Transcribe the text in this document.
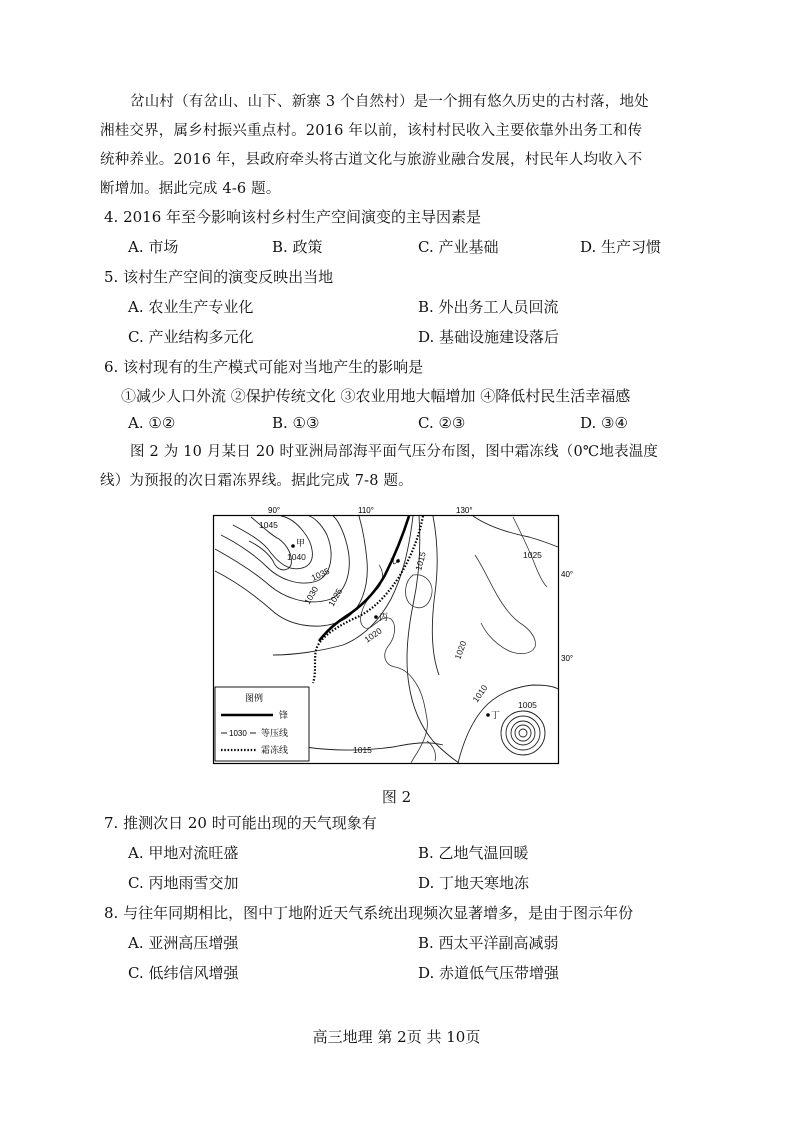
岔山村（有岔山、山下、新寨 3 个自然村）是一个拥有悠久历史的古村落，地处
湘桂交界，属乡村振兴重点村。2016 年以前，该村村民收入主要依靠外出务工和传
统种养业。2016 年，县政府牵头将古道文化与旅游业融合发展，村民年人均收入不
断增加。据此完成 4-6 题。
4. 2016 年至今影响该村乡村生产空间演变的主导因素是
A. 市场	B. 政策	C. 产业基础	D. 生产习惯
5. 该村生产空间的演变反映出当地
A. 农业生产专业化	B. 外出务工人员回流
C. 产业结构多元化	D. 基础设施建设落后
6. 该村现有的生产模式可能对当地产生的影响是
①减少人口外流 ②保护传统文化 ③农业用地大幅增加 ④降低村民生活幸福感
A. ①②	B. ①③	C. ②③	D. ③④
图 2 为 10 月某日 20 时亚洲局部海平面气压分布图，图中霜冻线（0℃地表温度
线）为预报的次日霜冻界线。据此完成 7-8 题。
90°	110°	130°
40°
30°
1045
1040
1035
1030 1025
1020
1015	1025
1020
1010
1005
1015
甲
乙
丙
丁
图例
锋
1030 等压线
霜冻线
图 2
7. 推测次日 20 时可能出现的天气现象有
A. 甲地对流旺盛	B. 乙地气温回暖
C. 丙地雨雪交加	D. 丁地天寒地冻
8. 与往年同期相比，图中丁地附近天气系统出现频次显著增多，是由于图示年份
A. 亚洲高压增强	B. 西太平洋副高减弱
C. 低纬信风增强	D. 赤道低气压带增强
高三地理 第 2页 共 10页
